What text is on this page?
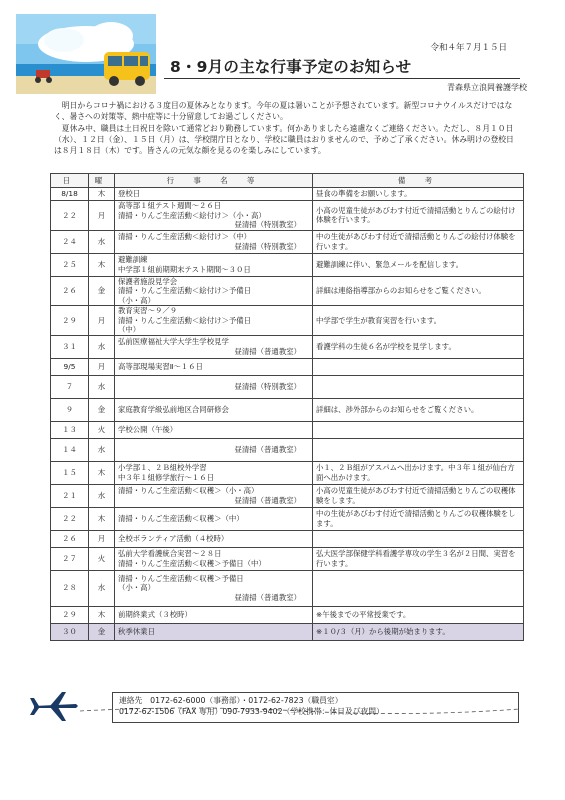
令和４年７月１５日
8・9月の主な行事予定のお知らせ
青森県立浪岡養護学校

明日からコロナ禍における３度目の夏休みとなります。今年の夏は暑いことが予想されています。新型コロナウイルスだけではなく、暑さへの対策等、熱中症等に十分留意してお過ごしください。

夏休み中、職員は土日祝日を除いて通常どおり勤務しています。何かありましたら遠慮なくご連絡ください。ただし、８月１０日（水）、１２日（金）、１５日（月）は、学校閉庁日となり、学校に職員はおりませんので、予めご了承ください。休み明けの登校日は８月１８日（木）です。皆さんの元気な顔を見るのを楽しみにしています。

日	曜	行　事　名　等	備　考
8/18	木	登校日	昼食の準備をお願いします。
２２	月	高等部１組テスト週間～２６日
清掃・りんご生産活動＜絵付け＞（小・高）
昼清掃（特別教室）	小高の児童生徒があびわす付近で清掃活動とりんごの絵付け体験を行います。
２４	水	清掃・りんご生産活動＜絵付け＞（中）
昼清掃（特別教室）	中の生徒があびわす付近で清掃活動とりんごの絵付け体験を行います。
２５	木	避難訓練
中学部１組前期期末テスト期間～３０日	避難訓練に伴い、緊急メールを配信します。
２６	金	保護者施設見学会
清掃・りんご生産活動＜絵付け＞予備日
（小・高）	詳細は連絡指導部からのお知らせをご覧ください。
２９	月	教育実習～９／９
清掃・りんご生産活動＜絵付け＞予備日
（中）	中学部で学生が教育実習を行います。
３１	水	弘前医療福祉大学大学生学校見学
昼清掃（普通教室）	看護学科の生徒６名が学校を見学します。
9/5	月	高等部現場実習Ⅱ～１６日	

７	水	昼清掃（特別教室）	

９	金	家庭教育学級弘前地区合同研修会	詳細は、渉外部からのお知らせをご覧ください。
１３	火	学校公開（午後）	

１４	水	昼清掃（普通教室）	

１５	木	小学部１、２Ｂ組校外学習
中３年１組修学旅行～１６日	小１、２Ｂ組がアスパムへ出かけます。中３年１組が仙台方面へ出かけます。
２１	水	清掃・りんご生産活動＜収穫＞（小・高）
昼清掃（普通教室）	小高の児童生徒があびわす付近で清掃活動とりんごの収穫体験をします。
２２	木	清掃・りんご生産活動＜収穫＞（中）	中の生徒があびわす付近で清掃活動とりんごの収穫体験をします。
２６	月	全校ボランティア活動（４校時）	

２７	火	弘前大学看護統合実習～２８日
清掃・りんご生産活動＜収穫＞予備日（中）	弘大医学部保健学科看護学専攻の学生３名が２日間、実習を行います。
２８	水	清掃・りんご生産活動＜収穫＞予備日
（小・高）
昼清掃（普通教室）	

２９	木	前期終業式（３校時）	※午後までの平常授業です。
３０	金	秋季休業日	※１０/３（月）から後期が始まります。
連絡先　0172-62-6000（事務部）・0172-62-7823（職員室）
0172-62-1506（FAX 専用）090-7933-9402（学校携帯：休日及び夜間）
